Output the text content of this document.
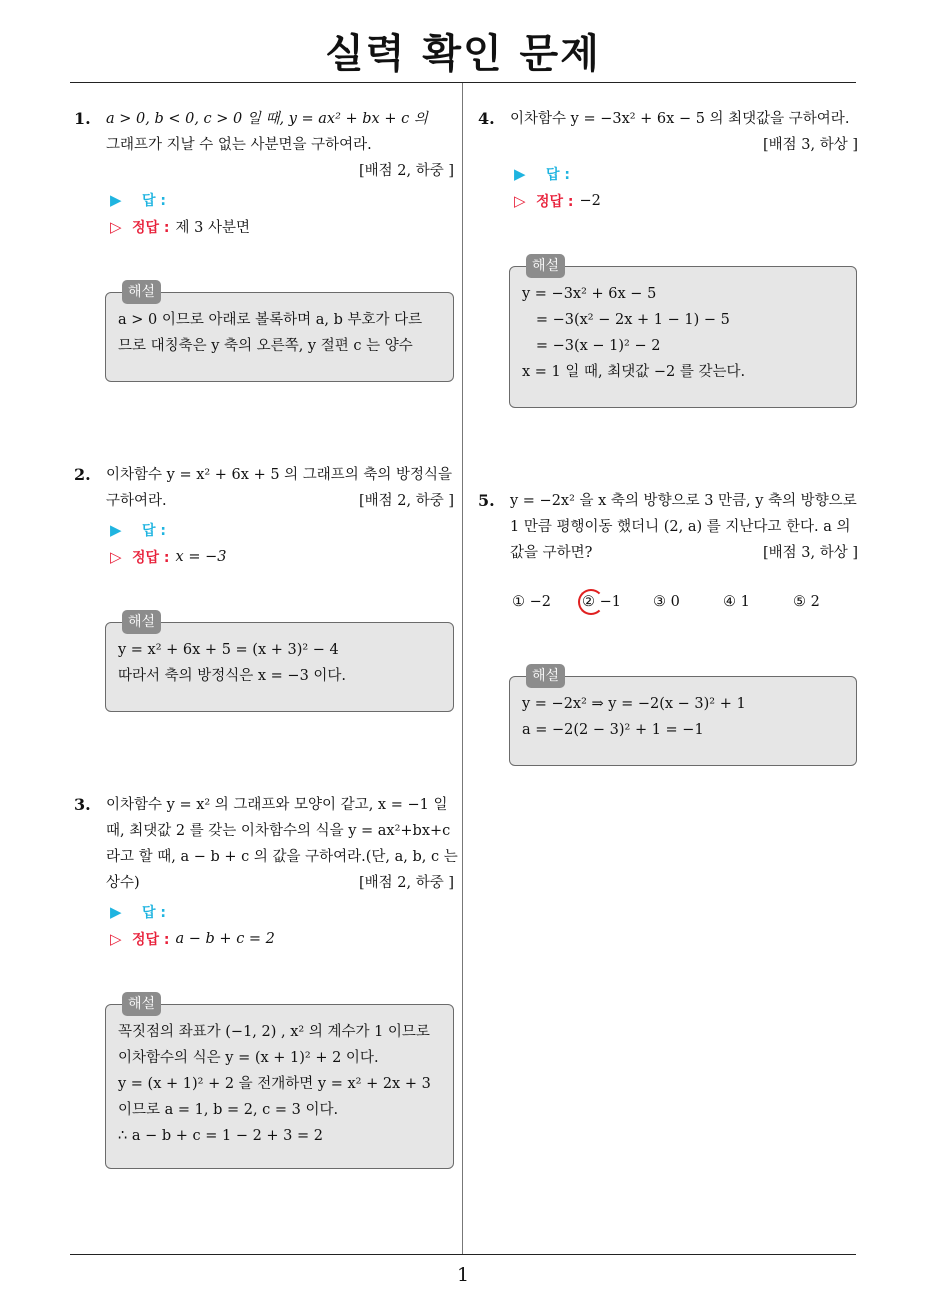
실력 확인 문제
1
1. a > 0, b < 0, c > 0 일 때, y = ax² + bx + c 의
그래프가 지날 수 없는 사분면을 구하여라.
[배점 2, 하중 ]
▶	답 :
▷ 정답 : 제 3 사분면
해설
a > 0 이므로 아래로 볼록하며 a, b 부호가 다르
므로 대칭축은 y 축의 오른쪽, y 절편 c 는 양수
2. 이차함수 y = x² + 6x + 5 의 그래프의 축의 방정식을
구하여라.	[배점 2, 하중 ]
▶	답 :
▷ 정답 : x = −3
해설
y = x² + 6x + 5 = (x + 3)² − 4
따라서 축의 방정식은 x = −3 이다.
3. 이차함수 y = x² 의 그래프와 모양이 같고, x = −1 일
때, 최댓값 2 를 갖는 이차함수의 식을 y = ax²+bx+c
라고 할 때, a − b + c 의 값을 구하여라.(단, a, b, c 는
상수)	[배점 2, 하중 ]
▶	답 :
▷ 정답 : a − b + c = 2
해설
꼭짓점의 좌표가 (−1, 2) , x² 의 계수가 1 이므로
이차함수의 식은 y = (x + 1)² + 2 이다.
y = (x + 1)² + 2 을 전개하면 y = x² + 2x + 3
이므로 a = 1, b = 2, c = 3 이다.
∴ a − b + c = 1 − 2 + 3 = 2
4. 이차함수 y = −3x² + 6x − 5 의 최댓값을 구하여라.
[배점 3, 하상 ]
▶	답 :
▷ 정답 : −2
해설
y = −3x² + 6x − 5
= −3(x² − 2x + 1 − 1) − 5
= −3(x − 1)² − 2
x = 1 일 때, 최댓값 −2 를 갖는다.
5. y = −2x² 을 x 축의 방향으로 3 만큼, y 축의 방향으로
1 만큼 평행이동 했더니 (2, a) 를 지난다고 한다. a 의
값을 구하면?	[배점 3, 하상 ]
① −2 ② −1 ③ 0	④ 1	⑤ 2
해설
y = −2x² ⇒ y = −2(x − 3)² + 1
a = −2(2 − 3)² + 1 = −1
